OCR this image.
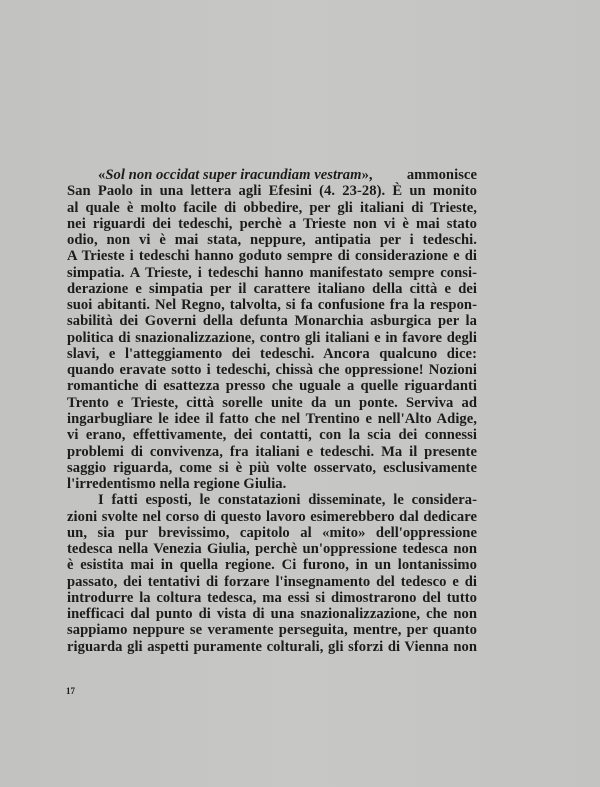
«Sol non occidat super iracundiam vestram», ammonisce
San Paolo in una lettera agli Efesini (4. 23-28). È un monito
al quale è molto facile di obbedire, per gli italiani di Trieste,
nei riguardi dei tedeschi, perchè a Trieste non vi è mai stato
odio, non vi è mai stata, neppure, antipatia per i tedeschi.
A Trieste i tedeschi hanno goduto sempre di considerazione e di
simpatia. A Trieste, i tedeschi hanno manifestato sempre consi-
derazione e simpatia per il carattere italiano della città e dei
suoi abitanti. Nel Regno, talvolta, si fa confusione fra la respon-
sabilità dei Governi della defunta Monarchia asburgica per la
politica di snazionalizzazione, contro gli italiani e in favore degli
slavi, e l'atteggiamento dei tedeschi. Ancora qualcuno dice:
quando eravate sotto i tedeschi, chissà che oppressione! Nozioni
romantiche di esattezza presso che uguale a quelle riguardanti
Trento e Trieste, città sorelle unite da un ponte. Serviva ad
ingarbugliare le idee il fatto che nel Trentino e nell'Alto Adige,
vi erano, effettivamente, dei contatti, con la scia dei connessi
problemi di convivenza, fra italiani e tedeschi. Ma il presente
saggio riguarda, come si è più volte osservato, esclusivamente
l'irredentismo nella regione Giulia.
I fatti esposti, le constatazioni disseminate, le considera-
zioni svolte nel corso di questo lavoro esimerebbero dal dedicare
un, sia pur brevissimo, capitolo al «mito» dell'oppressione
tedesca nella Venezia Giulia, perchè un'oppressione tedesca non
è esistita mai in quella regione. Ci furono, in un lontanissimo
passato, dei tentativi di forzare l'insegnamento del tedesco e di
introdurre la coltura tedesca, ma essi si dimostrarono del tutto
inefficaci dal punto di vista di una snazionalizzazione, che non
sappiamo neppure se veramente perseguita, mentre, per quanto
riguarda gli aspetti puramente colturali, gli sforzi di Vienna non
17
